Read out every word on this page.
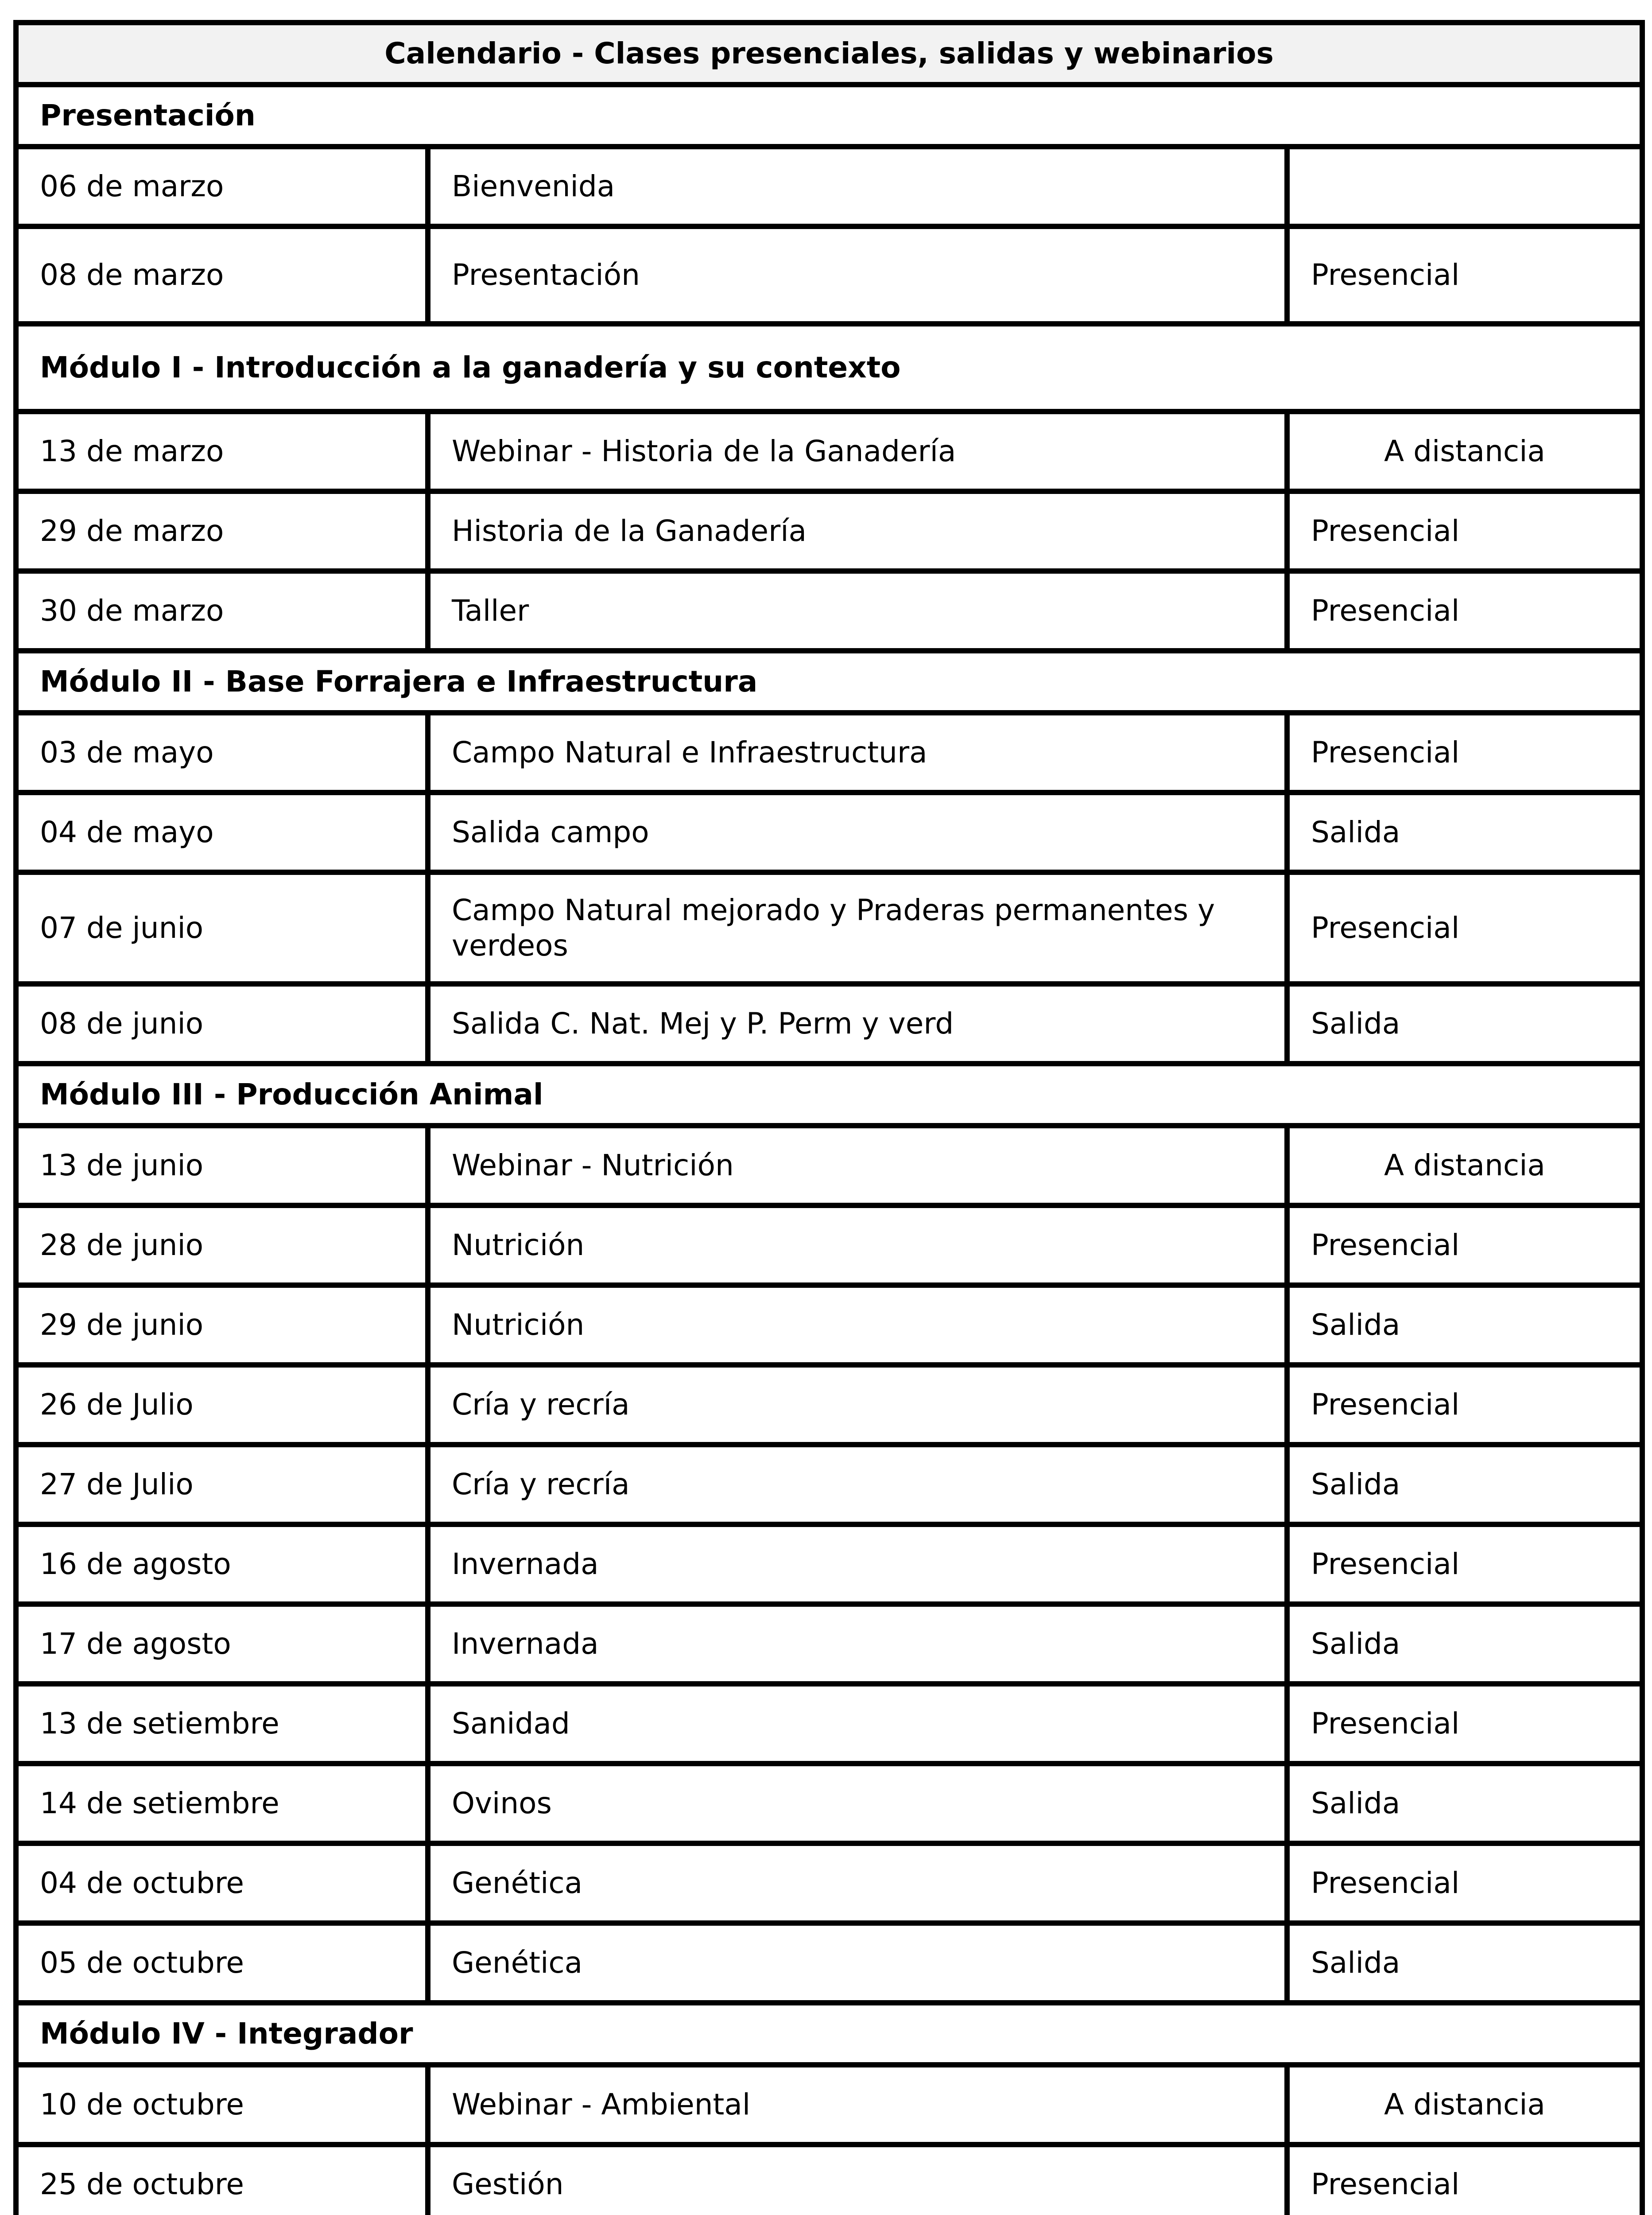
Calendario - Clases presenciales, salidas y webinarios		
Presentación		
06 de marzo	Bienvenida	
08 de marzo	Presentación	Presencial
Módulo I - Introducción a la ganadería y su contexto		
13 de marzo	Webinar - Historia de la Ganadería	A distancia
29 de marzo	Historia de la Ganadería	Presencial
30 de marzo	Taller	Presencial
Módulo II - Base Forrajera e Infraestructura		
03 de mayo	Campo Natural e Infraestructura	Presencial
04 de mayo	Salida campo	Salida
07 de junio	Campo Natural mejorado y Praderas permanentes y verdeos	Presencial
08 de junio	Salida C. Nat. Mej y P. Perm y verd	Salida
Módulo III - Producción Animal		
13 de junio	Webinar - Nutrición	A distancia
28 de junio	Nutrición	Presencial
29 de junio	Nutrición	Salida
26 de Julio	Cría y recría	Presencial
27 de Julio	Cría y recría	Salida
16 de agosto	Invernada	Presencial
17 de agosto	Invernada	Salida
13 de setiembre	Sanidad	Presencial
14 de setiembre	Ovinos	Salida
04 de octubre	Genética	Presencial
05 de octubre	Genética	Salida
Módulo IV - Integrador		
10 de octubre	Webinar - Ambiental	A distancia
25 de octubre	Gestión	Presencial
